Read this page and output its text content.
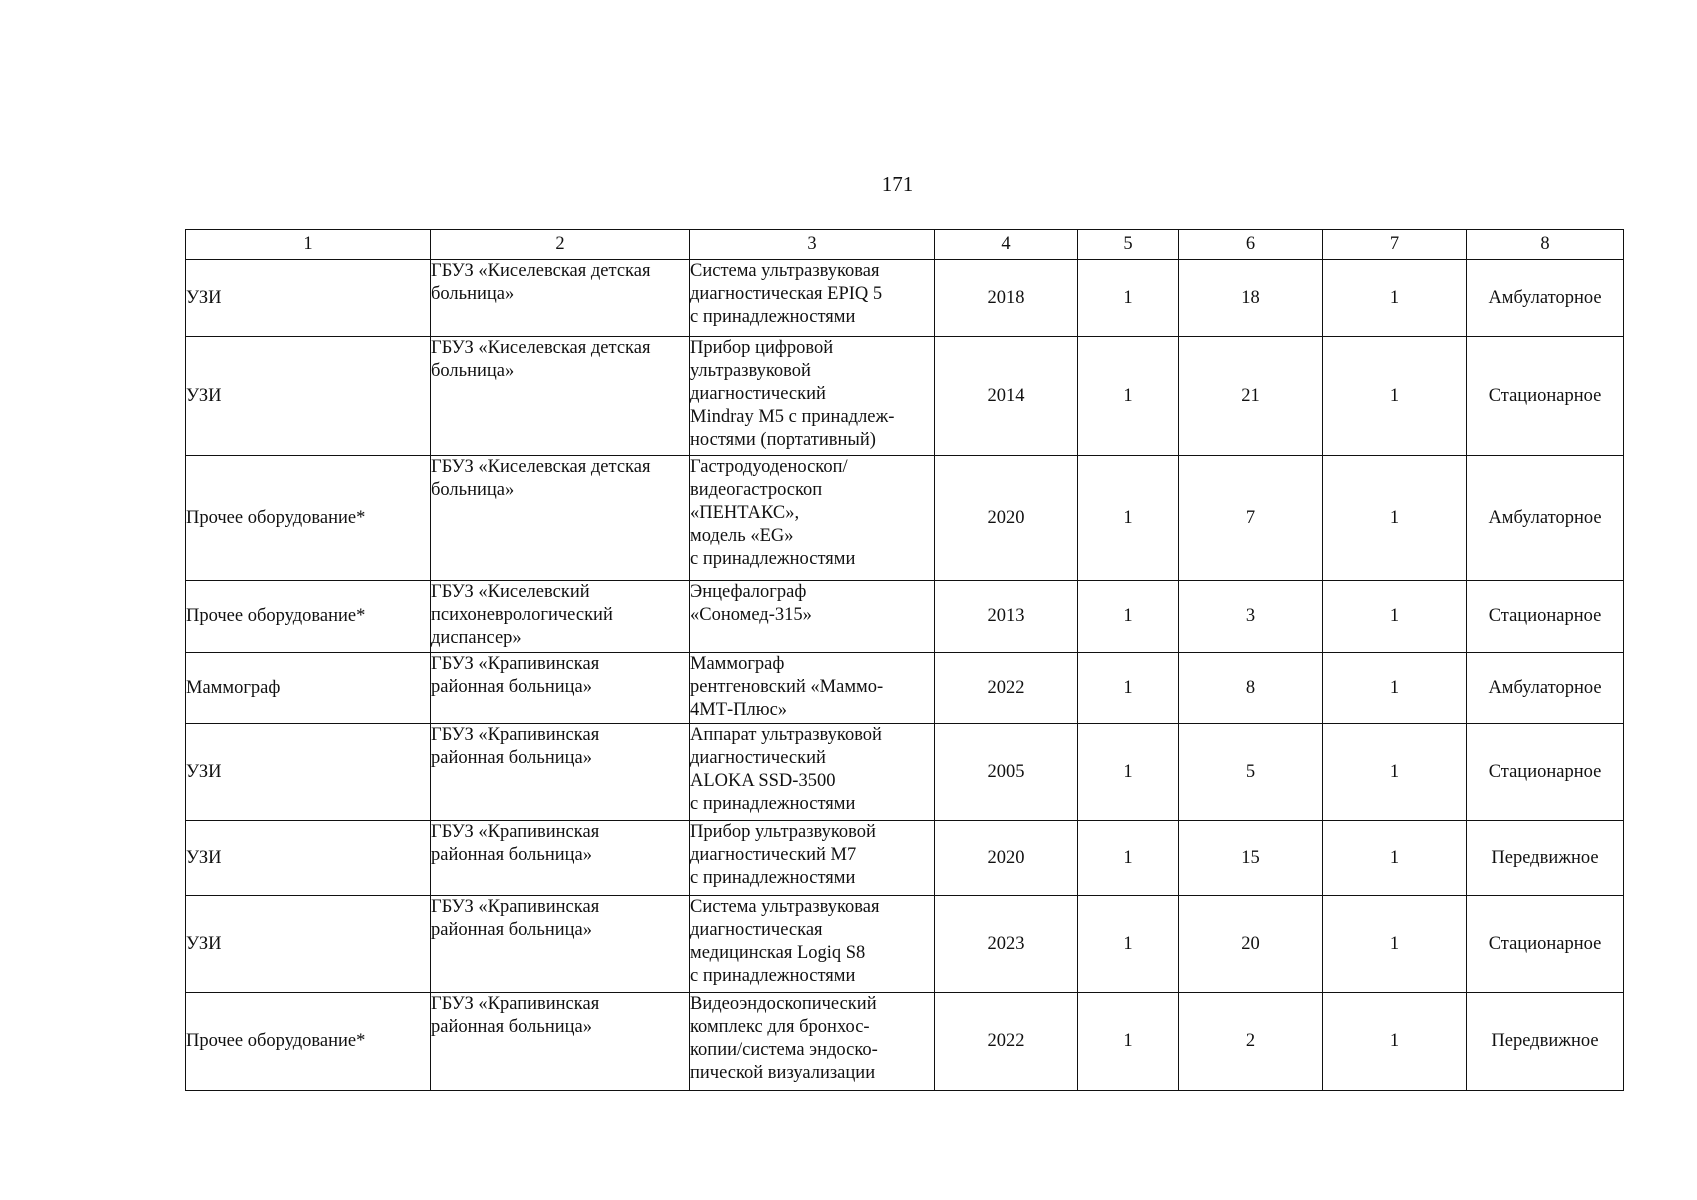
171
1	2	3	4	5	6	7	8
УЗИ	ГБУЗ «Киселевская детская
больница»	Система ультразвуковая
диагностическая EPIQ 5
с принадлежностями	2018	1	18	1	Амбулаторное
УЗИ	ГБУЗ «Киселевская детская
больница»	Прибор цифровой
ультразвуковой
диагностический
Mindray M5 с принадлеж-
ностями (портативный)	2014	1	21	1	Стационарное
Прочее оборудование*	ГБУЗ «Киселевская детская
больница»	Гастродуоденоскоп/
видеогастроскоп
«ПЕНТАКС»,
модель «EG»
с принадлежностями	2020	1	7	1	Амбулаторное
Прочее оборудование*	ГБУЗ «Киселевский
психоневрологический
диспансер»	Энцефалограф
«Сономед-315»	2013	1	3	1	Стационарное
Маммограф	ГБУЗ «Крапивинская
районная больница»	Маммограф
рентгеновский «Маммо-
4МТ-Плюс»	2022	1	8	1	Амбулаторное
УЗИ	ГБУЗ «Крапивинская
районная больница»	Аппарат ультразвуковой
диагностический
ALOKA SSD-3500
с принадлежностями	2005	1	5	1	Стационарное
УЗИ	ГБУЗ «Крапивинская
районная больница»	Прибор ультразвуковой
диагностический M7
с принадлежностями	2020	1	15	1	Передвижное
УЗИ	ГБУЗ «Крапивинская
районная больница»	Система ультразвуковая
диагностическая
медицинская Logiq S8
с принадлежностями	2023	1	20	1	Стационарное
Прочее оборудование*	ГБУЗ «Крапивинская
районная больница»	Видеоэндоскопический
комплекс для бронхос-
копии/система эндоско-
пической визуализации	2022	1	2	1	Передвижное
